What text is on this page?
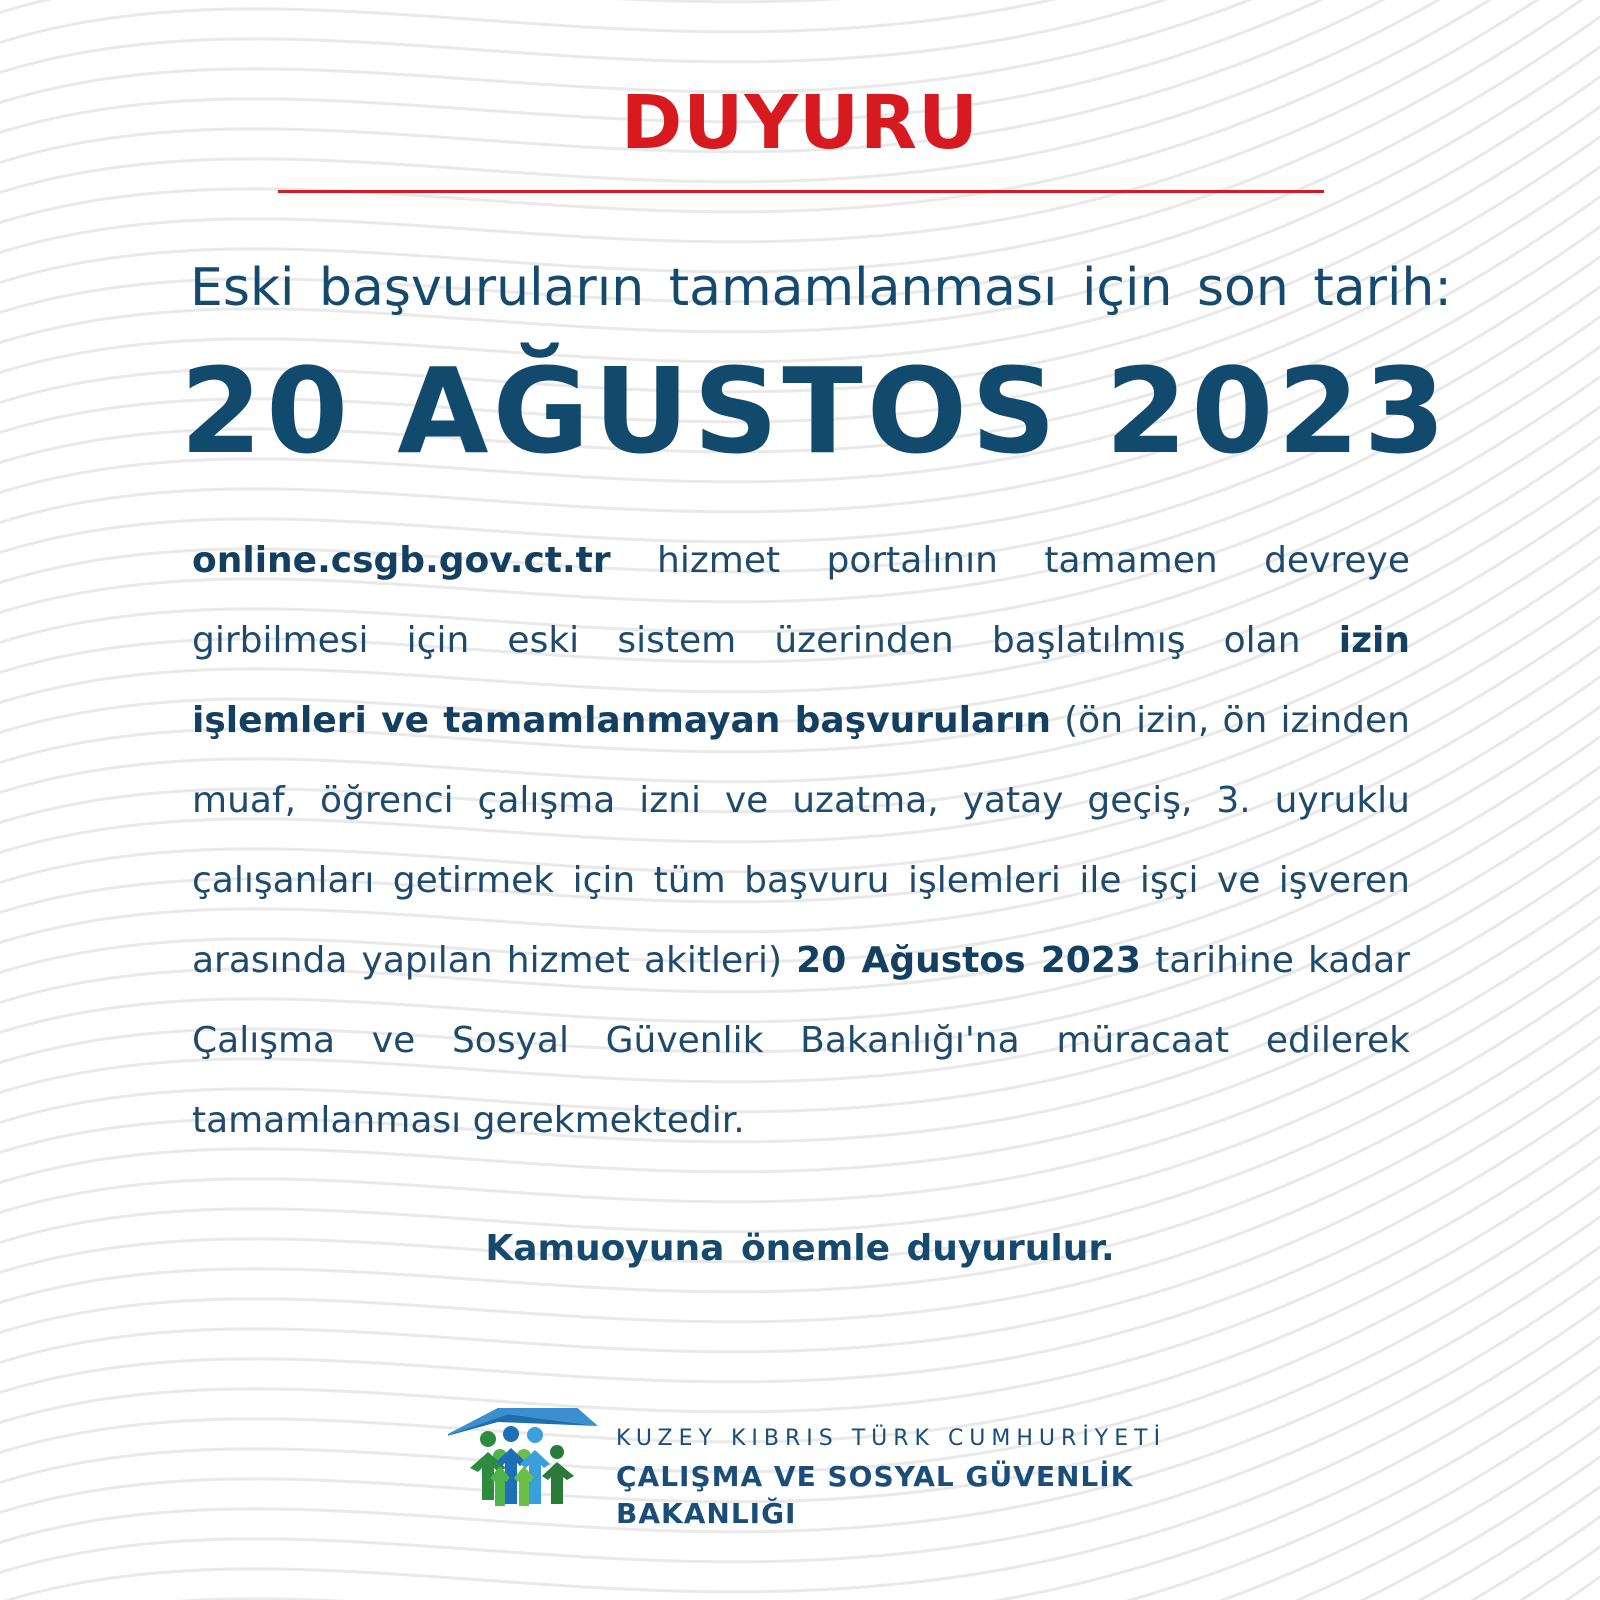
DUYURU
Eski başvuruların tamamlanması için son tarih:
20 AĞUSTOS 2023
online.csgb.gov.ct.tr hizmet portalının tamamen devreye girbilmesi için eski sistem üzerinden başlatılmış olan izin işlemleri ve tamamlanmayan başvuruların (ön izin, ön izinden muaf, öğrenci çalışma izni ve uzatma, yatay geçiş, 3. uyruklu çalışanları getirmek için tüm başvuru işlemleri ile işçi ve işveren arasında yapılan hizmet akitleri) 20 Ağustos 2023 tarihine kadar Çalışma ve Sosyal Güvenlik Bakanlığı'na müracaat edilerek tamamlanması gerekmektedir.
Kamuoyuna önemle duyurulur.
KUZEY KIBRIS TÜRK CUMHURİYETİ
ÇALIŞMA VE SOSYAL GÜVENLİK
BAKANLIĞI
